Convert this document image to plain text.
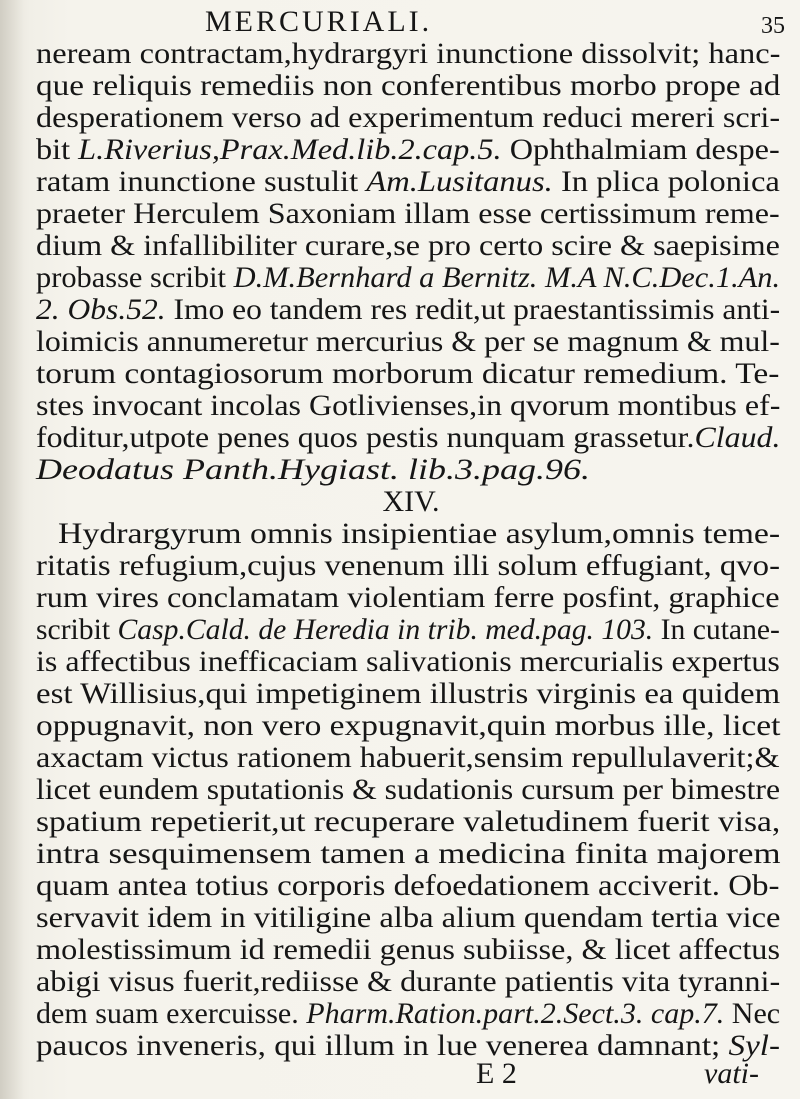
MERCURIALI.	35
neream contractam,hydrargyri inunctione dissolvit; hanc-
que reliquis remediis non conferentibus morbo prope ad
desperationem verso ad experimentum reduci mereri scri-
bit L.Riverius,Prax.Med.lib.2.cap.5. Ophthalmiam despe-
ratam inunctione sustulit Am.Lusitanus. In plica polonica
praeter Herculem Saxoniam illam esse certissimum reme-
dium & infallibiliter curare,se pro certo scire & saepisime
probasse scribit D.M.Bernhard a Bernitz. M.A N.C.Dec.1.An.
2. Obs.52. Imo eo tandem res redit,ut praestantissimis anti-
loimicis annumeretur mercurius & per se magnum & mul-
torum contagiosorum morborum dicatur remedium. Te-
stes invocant incolas Gotlivienses,in qvorum montibus ef-
foditur,utpote penes quos pestis nunquam grassetur.Claud.
Deodatus Panth.Hygiast. lib.3.pag.96.
XIV.
Hydrargyrum omnis insipientiae asylum,omnis teme-
ritatis refugium,cujus venenum illi solum effugiant, qvo-
rum vires conclamatam violentiam ferre posfint, graphice
scribit Casp.Cald. de Heredia in trib. med.pag. 103. In cutane-
is affectibus inefficaciam salivationis mercurialis expertus
est Willisius,qui impetiginem illustris virginis ea quidem
oppugnavit, non vero expugnavit,quin morbus ille, licet
axactam victus rationem habuerit,sensim repullulaverit;&
licet eundem sputationis & sudationis cursum per bimestre
spatium repetierit,ut recuperare valetudinem fuerit visa,
intra sesquimensem tamen a medicina finita majorem
quam antea totius corporis defoedationem acciverit. Ob-
servavit idem in vitiligine alba alium quendam tertia vice
molestissimum id remedii genus subiisse, & licet affectus
abigi visus fuerit,rediisse & durante patientis vita tyranni-
dem suam exercuisse. Pharm.Ration.part.2.Sect.3. cap.7. Nec
paucos inveneris, qui illum in lue venerea damnant; Syl-
E 2	vati-
